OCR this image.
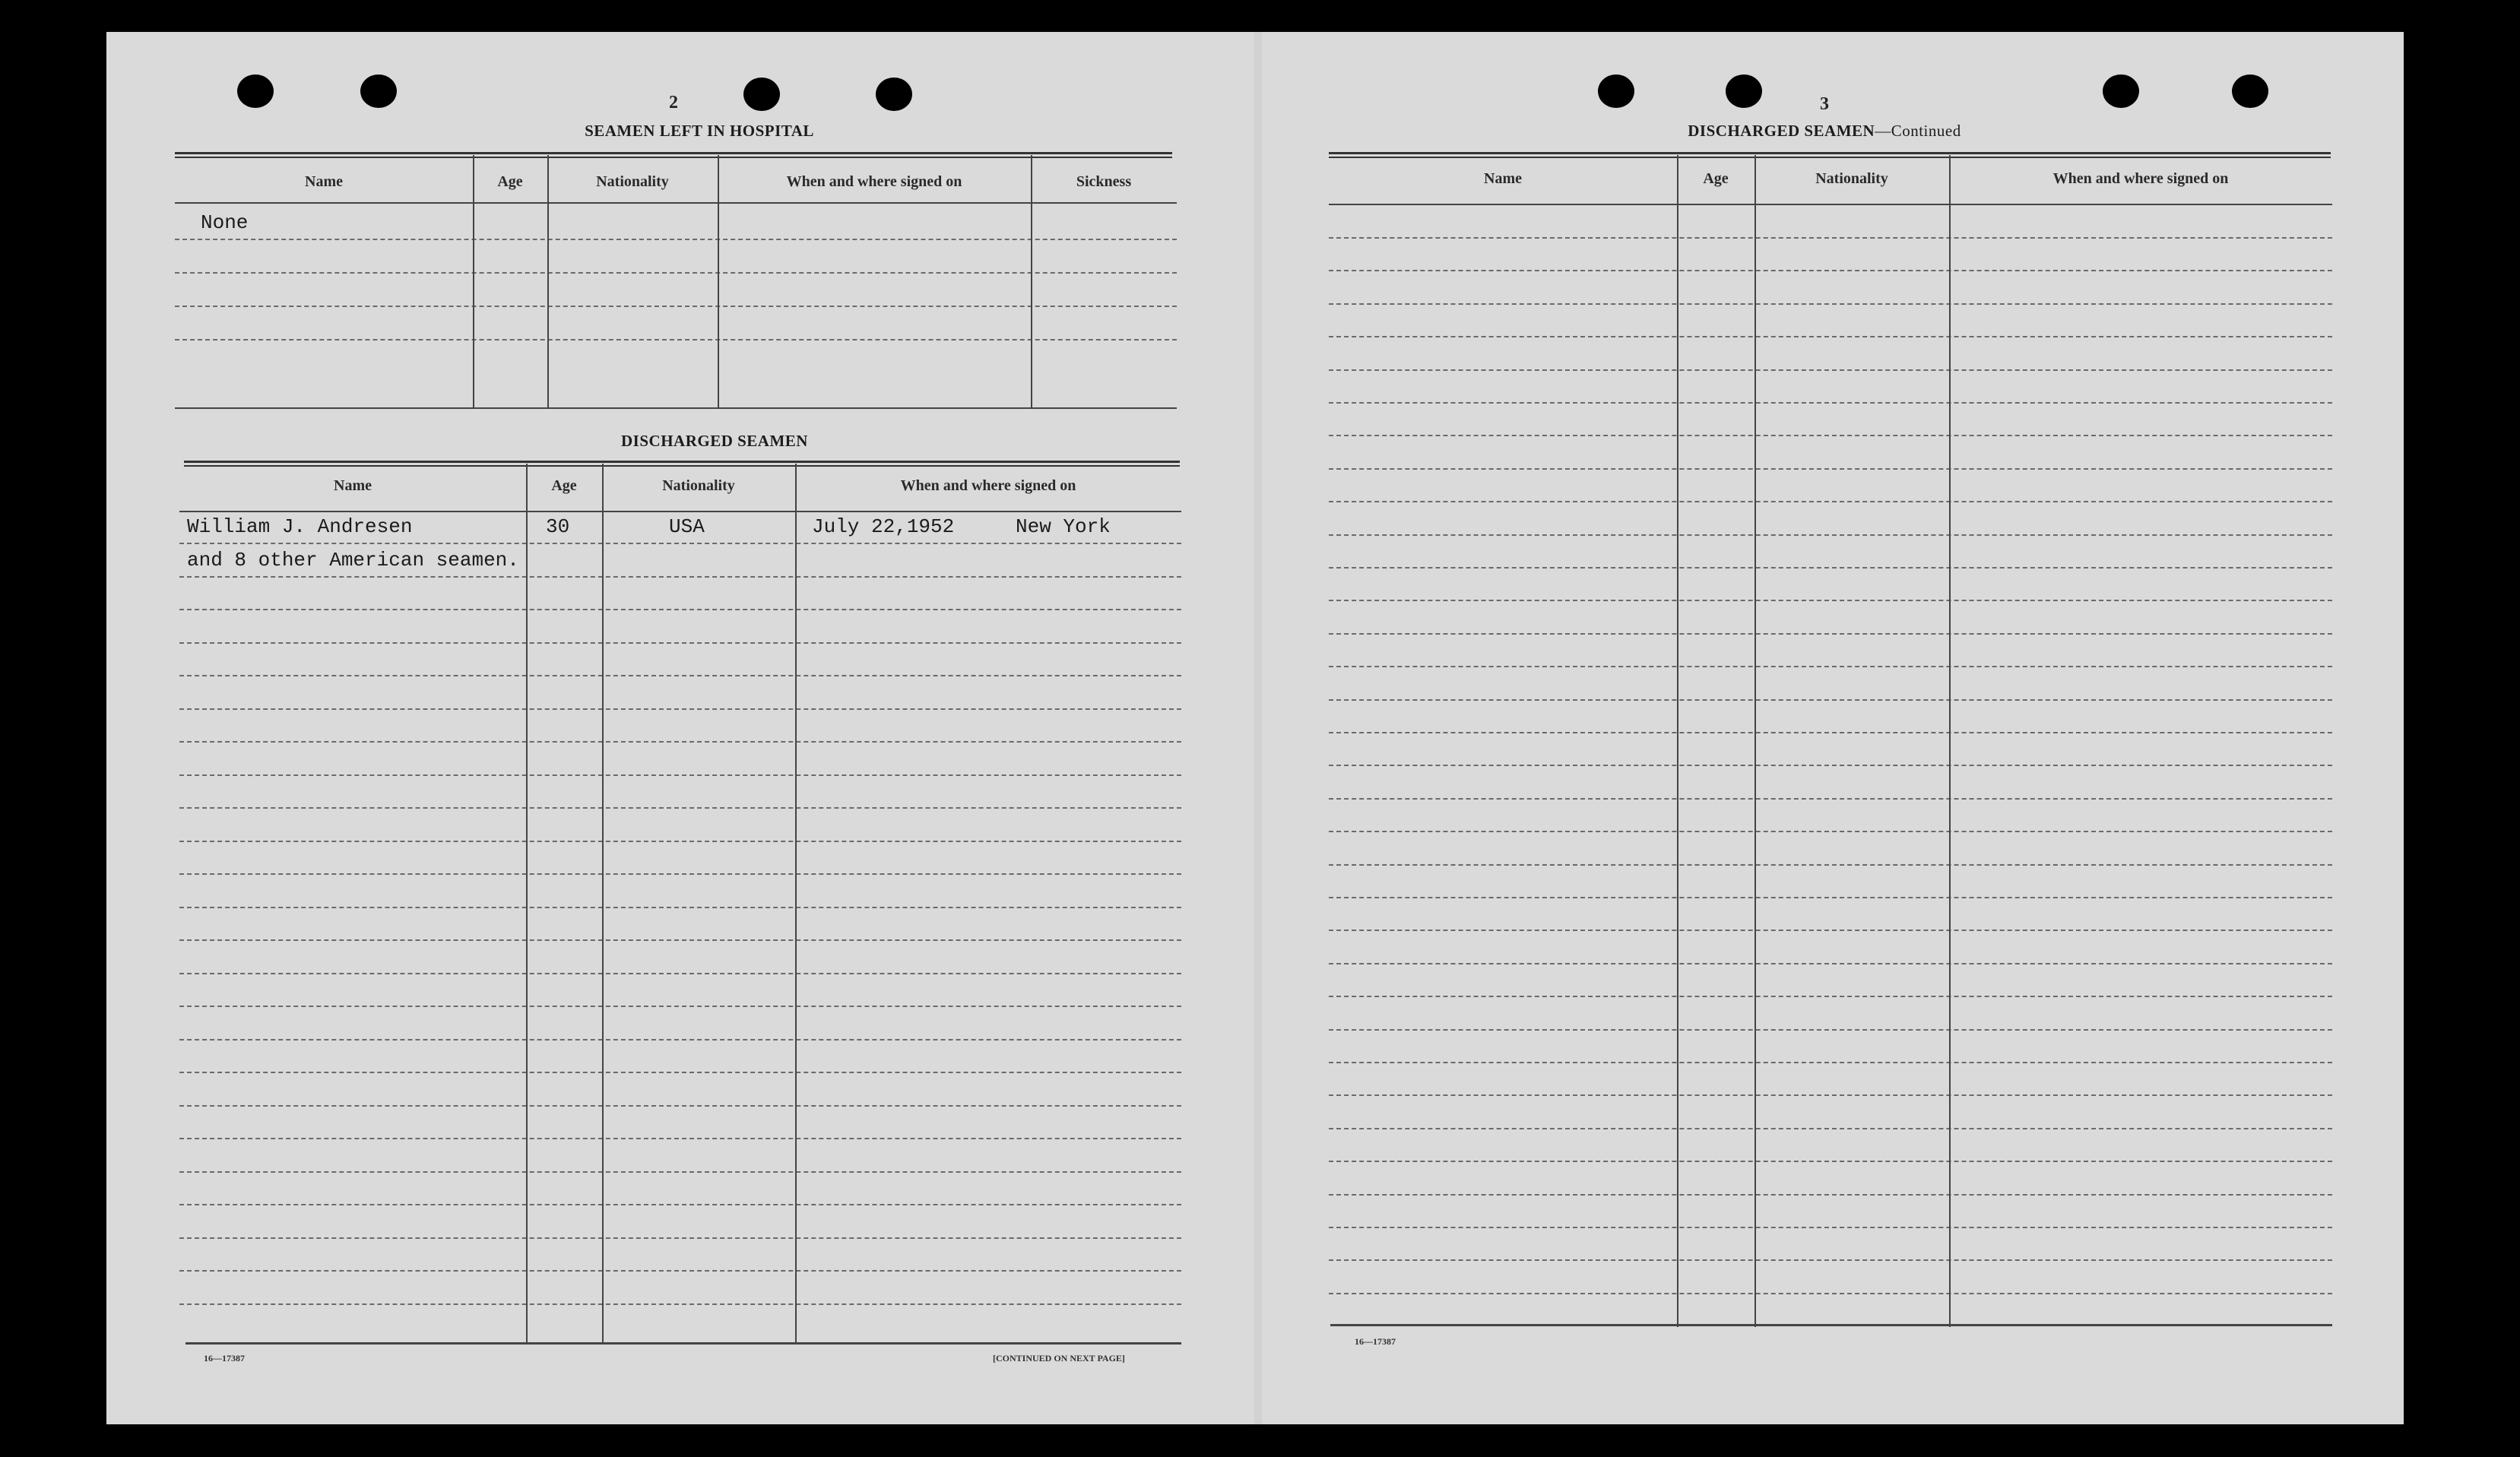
2
SEAMEN LEFT IN HOSPITAL
Name	Age	Nationality	When and where signed on	Sickness
None
DISCHARGED SEAMEN
Name	Age	Nationality	When and where signed on
William J. Andresen	30	USA	July 22,1952	New York
and 8 other American seamen.
16—17387	[CONTINUED ON NEXT PAGE]
3
DISCHARGED SEAMEN—Continued
Name	Age	Nationality	When and where signed on
16—17387
